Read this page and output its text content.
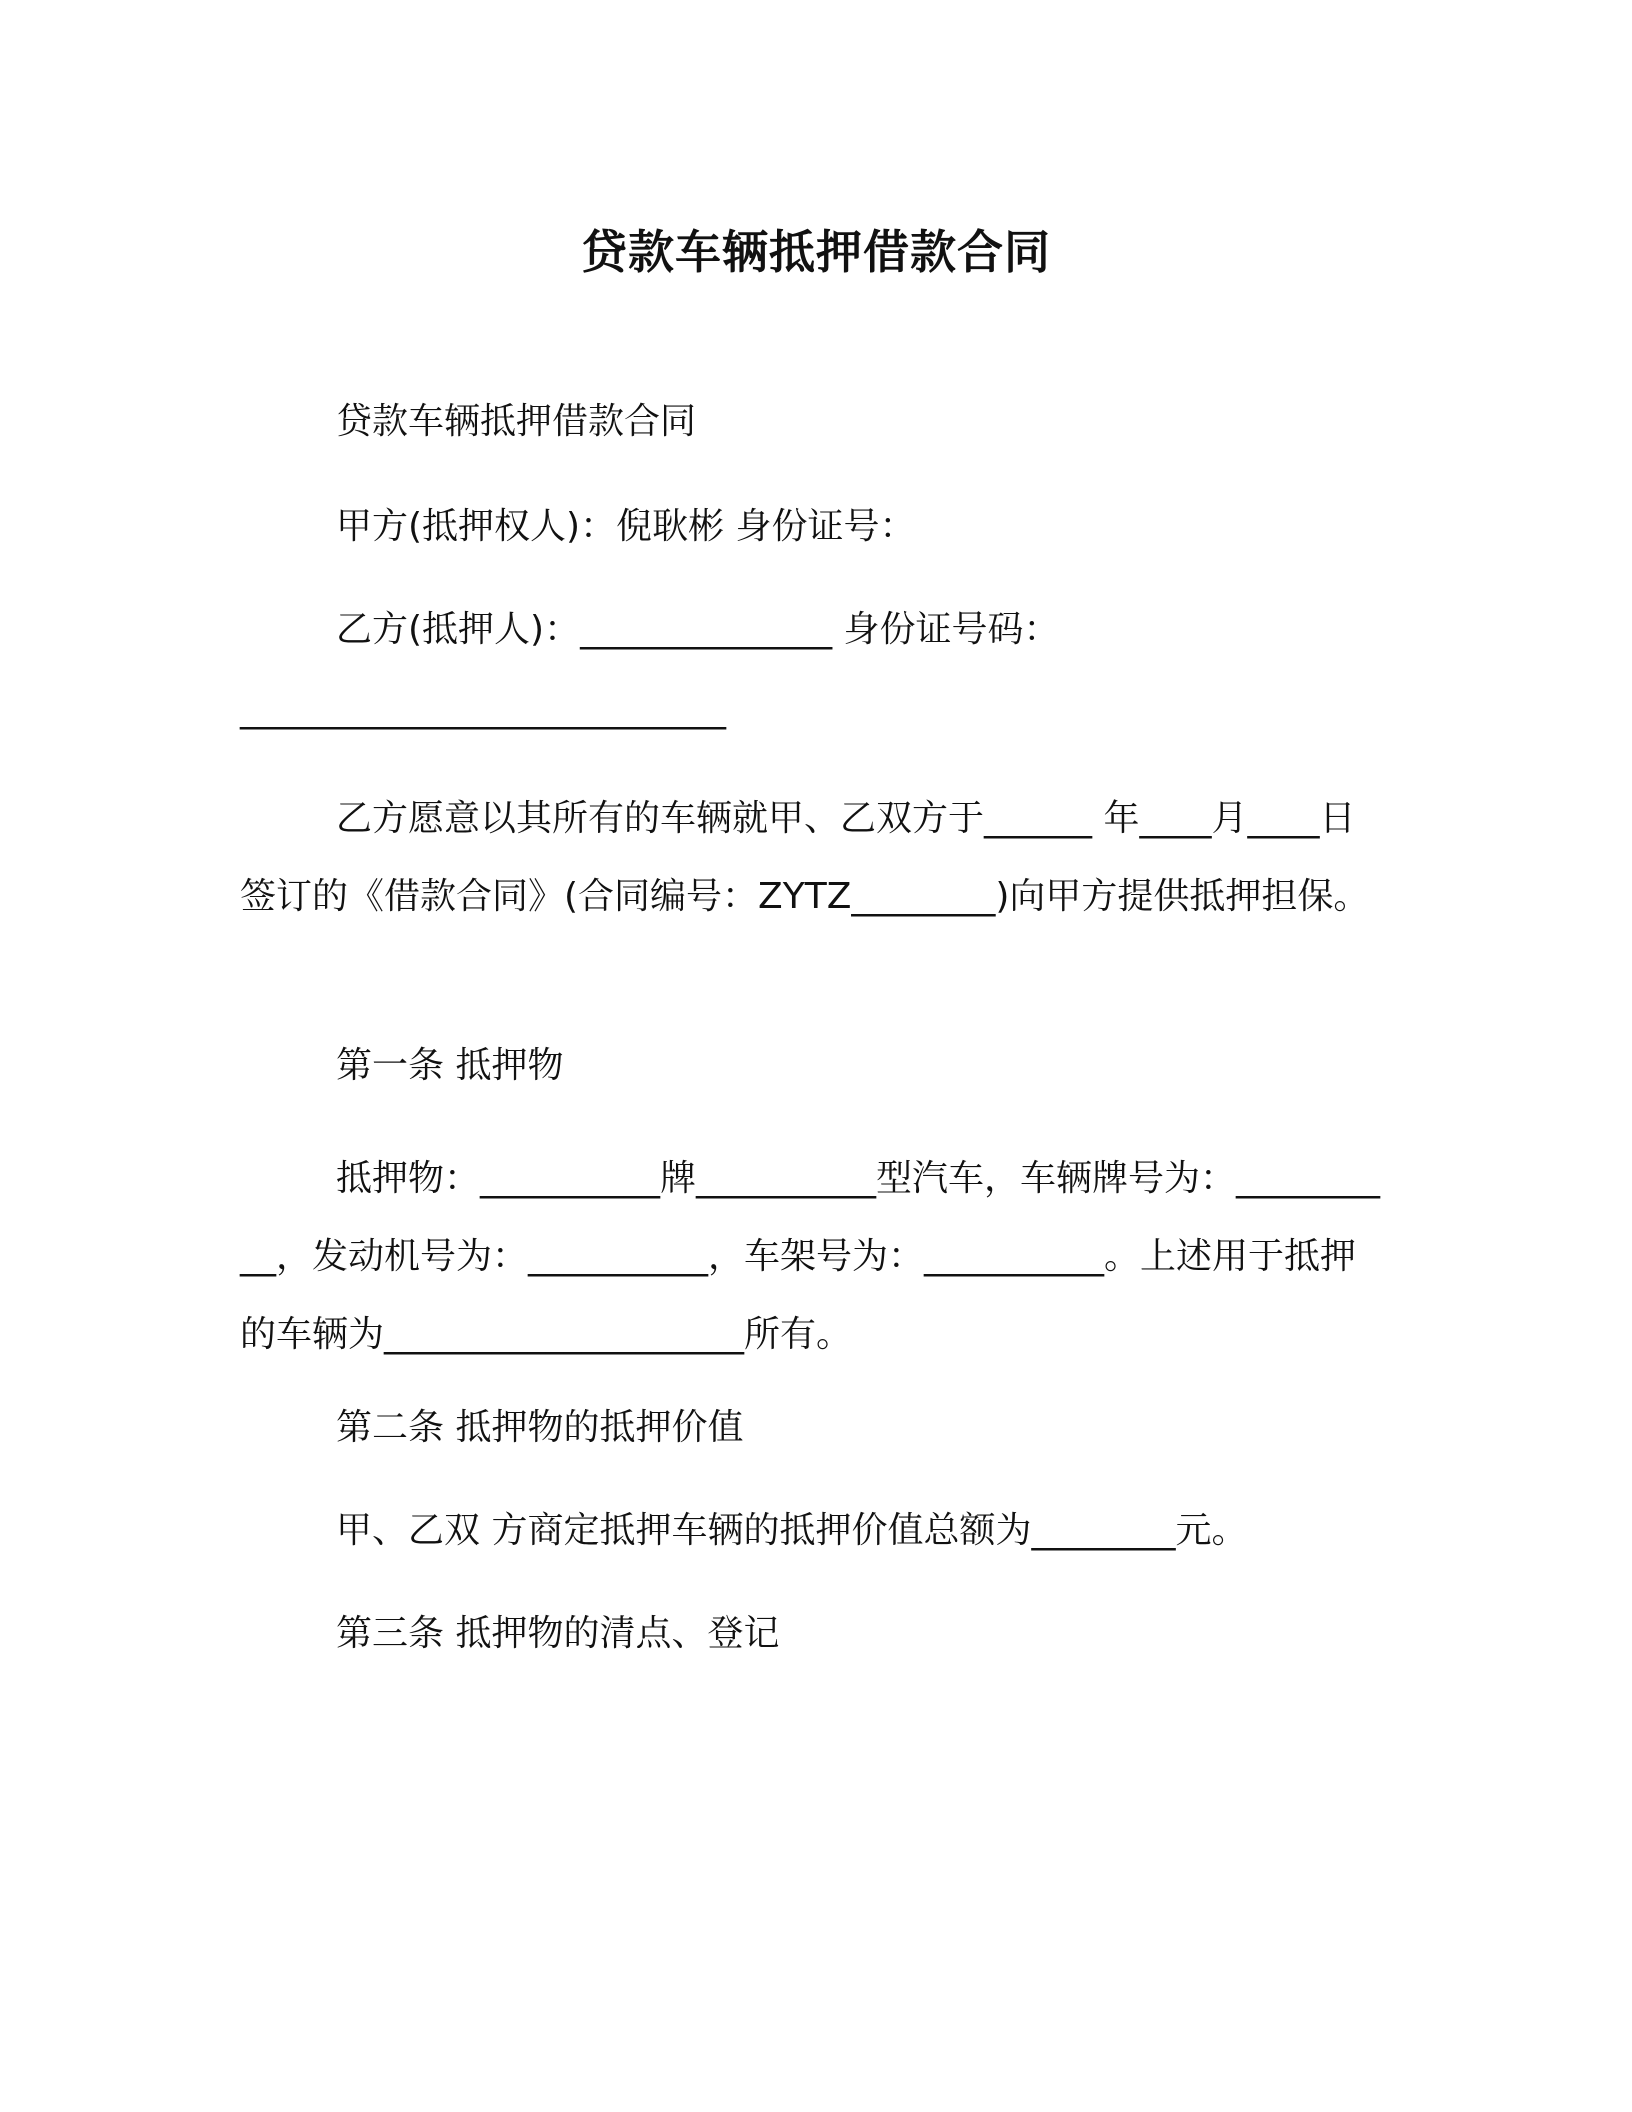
贷款车辆抵押借款合同
贷款车辆抵押借款合同
甲方(抵押权人)：倪耿彬 身份证号：
乙方(抵押人)：______________ 身份证号码：
___________________________
乙方愿意以其所有的车辆就甲、乙双方于______ 年____月____日签订的《借款合同》(合同编号：ZYTZ________)向甲方提供抵押担保。
第一条 抵押物
抵押物：__________牌__________型汽车，车辆牌号为：__________，发动机号为：__________，车架号为：__________。上述用于抵押的车辆为____________________所有。
第二条 抵押物的抵押价值
甲、乙双 方商定抵押车辆的抵押价值总额为________元。
第三条 抵押物的清点、登记
